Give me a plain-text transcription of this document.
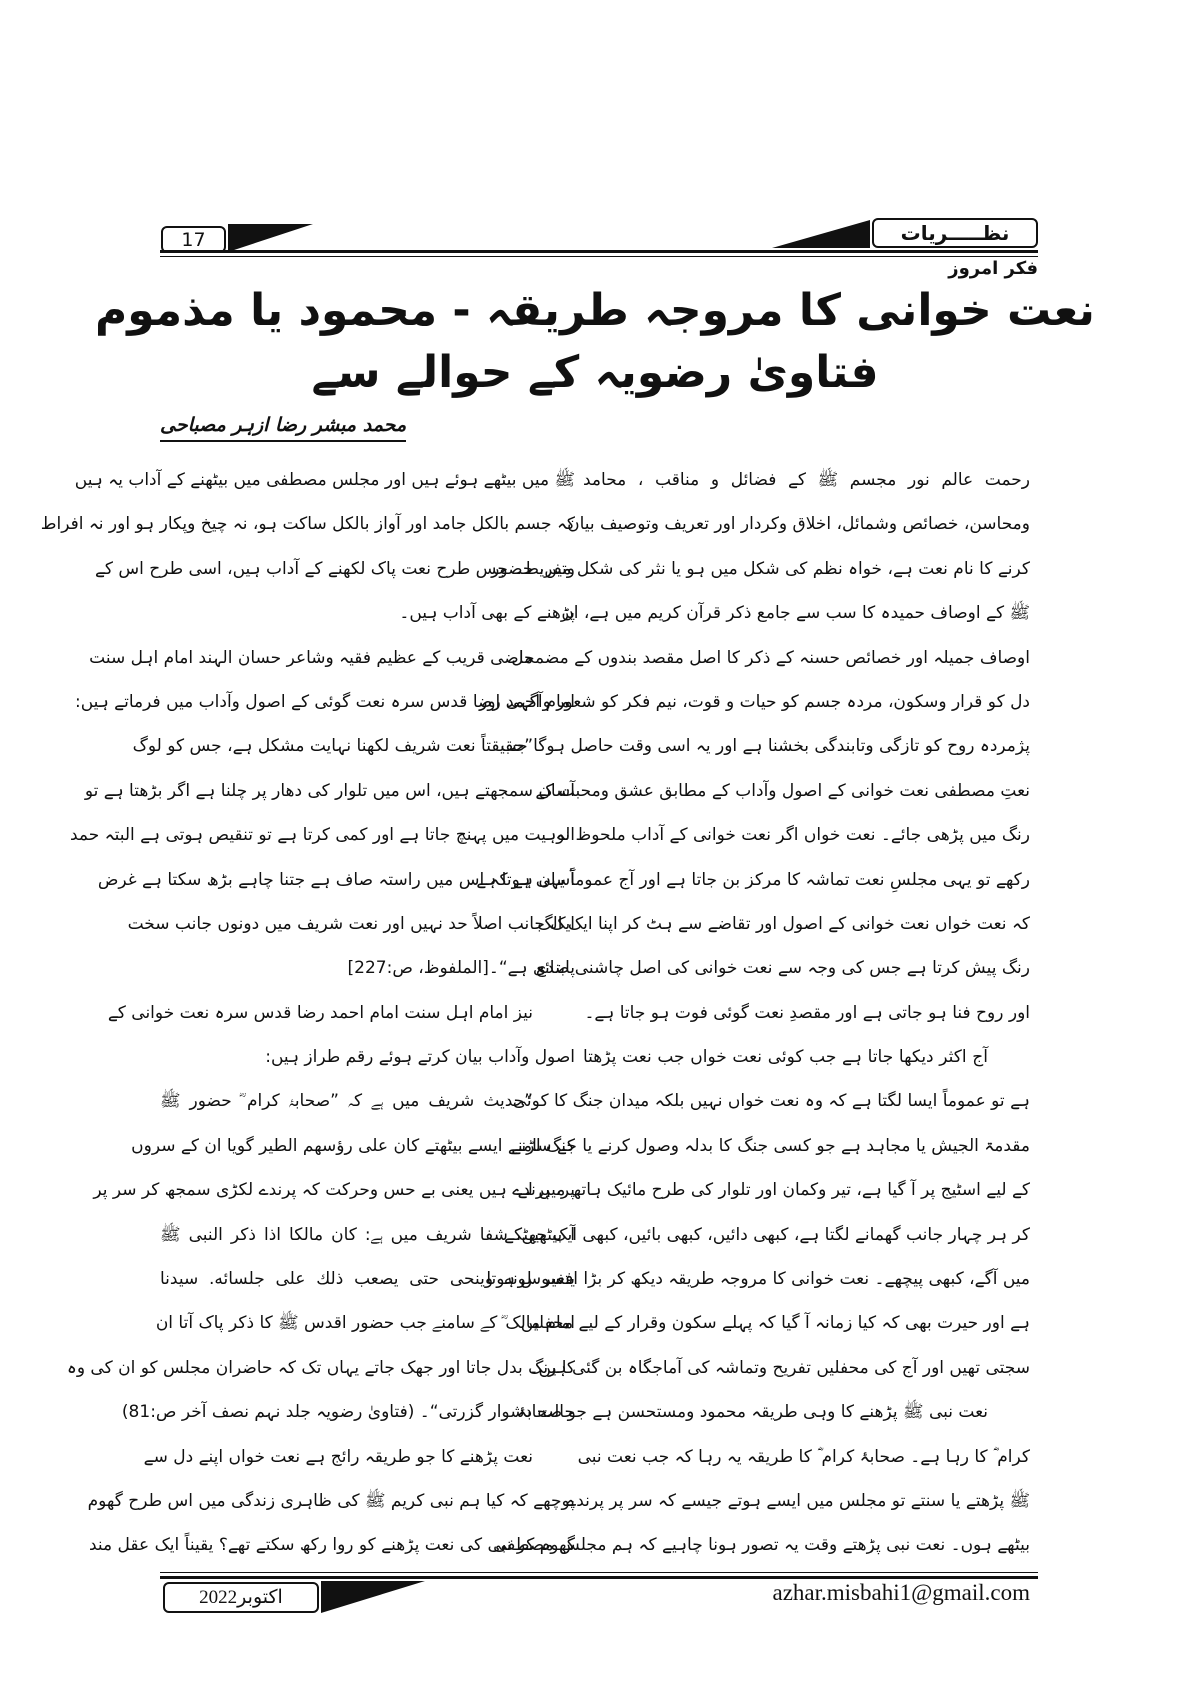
17	نظـــــریات
فکر امروز
نعت خوانی کا مروجہ طریقہ - محمود یا مذموم
فتاویٰ رضویہ کے حوالے سے
محمد مبشر رضا ازہر مصباحی
رحمت عالم نور مجسم ﷺ کے فضائل و مناقب ، محامد
ومحاسن، خصائص وشمائل، اخلاق وکردار اور تعریف وتوصیف بیان
کرنے کا نام نعت ہے، خواہ نظم کی شکل میں ہو یا نثر کی شکل میں، حضور
ﷺ کے اوصاف حمیدہ کا سب سے جامع ذکر قرآن کریم میں ہے، ان
اوصاف جمیلہ اور خصائص حسنہ کے ذکر کا اصل مقصد بندوں کے مضمحل
دل کو قرار وسکون، مردہ جسم کو حیات و قوت، نیم فکر کو شعور وآگہی اور
پژمردہ روح کو تازگی وتابندگی بخشنا ہے اور یہ اسی وقت حاصل ہوگا جب
نعتِ مصطفی نعت خوانی کے اصول وآداب کے مطابق عشق ومحبت کے
رنگ میں پڑھی جائے۔ نعت خواں اگر نعت خوانی کے آداب ملحوظ نہ
رکھے تو یہی مجلسِ نعت تماشہ کا مرکز بن جاتا ہے اور آج عموماً یہی ہوتا ہے
کہ نعت خواں نعت خوانی کے اصول اور تقاضے سے ہٹ کر اپنا ایک الگ
رنگ پیش کرتا ہے جس کی وجہ سے نعت خوانی کی اصل چاشنی ضائع
اور روح فنا ہو جاتی ہے اور مقصدِ نعت گوئی فوت ہو جاتا ہے۔
آج اکثر دیکھا جاتا ہے جب کوئی نعت خواں جب نعت پڑھتا
ہے تو عموماً ایسا لگتا ہے کہ وہ نعت خواں نہیں بلکہ میدان جنگ کا کوئی
مقدمۃ الجیش یا مجاہد ہے جو کسی جنگ کا بدلہ وصول کرنے یا جنگ لڑنے
کے لیے اسٹیج پر آ گیا ہے، تیر وکمان اور تلوار کی طرح مائیک ہاتھ میں لے
کر ہر چہار جانب گھمانے لگتا ہے، کبھی دائیں، کبھی بائیں، کبھی ایک جھٹکے
میں آگے، کبھی پیچھے۔ نعت خوانی کا مروجہ طریقہ دیکھ کر بڑا افسوس ہوتا
ہے اور حیرت بھی کہ کیا زمانہ آ گیا کہ پہلے سکون وقرار کے لیے محفلیں
سجتی تھیں اور آج کی محفلیں تفریح وتماشہ کی آماجگاہ بن گئی ہیں۔
نعت نبی ﷺ پڑھنے کا وہی طریقہ محمود ومستحسن ہے جو صحابۂ
کرام ؓ کا رہا ہے۔ صحابۂ کرام ؓ کا طریقہ یہ رہا کہ جب نعت نبی
ﷺ پڑھتے یا سنتے تو مجلس میں ایسے ہوتے جیسے کہ سر پر پرندے
بیٹھے ہوں۔ نعت نبی پڑھتے وقت یہ تصور ہونا چاہیے کہ ہم مجلس مصطفی
ﷺ میں بیٹھے ہوئے ہیں اور مجلس مصطفی میں بیٹھنے کے آداب یہ ہیں
کہ جسم بالکل جامد اور آواز بالکل ساکت ہو، نہ چیخ وپکار ہو اور نہ افراط
وتفریط۔ جس طرح نعت پاک لکھنے کے آداب ہیں، اسی طرح اس کے
پڑھنے کے بھی آداب ہیں۔
ماضی قریب کے عظیم فقیہ وشاعر حسان الہند امام اہل سنت
امام احمد رضا قدس سرہ نعت گوئی کے اصول وآداب میں فرماتے ہیں:
”حقیقتاً نعت شریف لکھنا نہایت مشکل ہے، جس کو لوگ
آسان سمجھتے ہیں، اس میں تلوار کی دھار پر چلنا ہے اگر بڑھتا ہے تو
الوہیت میں پہنچ جاتا ہے اور کمی کرتا ہے تو تنقیص ہوتی ہے البتہ حمد
آسان ہے کہ اس میں راستہ صاف ہے جتنا چاہے بڑھ سکتا ہے غرض
ایک جانب اصلاً حد نہیں اور نعت شریف میں دونوں جانب سخت
پابندی ہے“۔[الملفوظ، ص:227]
نیز امام اہل سنت امام احمد رضا قدس سرہ نعت خوانی کے
اصول وآداب بیان کرتے ہوئے رقم طراز ہیں:
”حدیث شریف میں ہے کہ ”صحابۂ کرام ؓ حضور ﷺ
کے سامنے ایسے بیٹھتے کان علی رؤسھم الطیر گویا ان کے سروں
پر، پرندے ہیں یعنی بے حس وحرکت کہ پرندے لکڑی سمجھ کر سر پر
آ بیٹھیں، شفا شریف میں ہے: کان مالکا اذا ذکر النبی ﷺ
یتغیر لونه وینحی حتی یصعب ذلك علی جلسائه. سیدنا
امام مالک ؓ کے سامنے جب حضور اقدس ﷺ کا ذکر پاک آتا ان
کا رنگ بدل جاتا اور جھک جاتے یہاں تک کہ حاضران مجلس کو ان کی وہ
حالت دشوار گزرتی“۔ (فتاویٰ رضویہ جلد نہم نصف آخر ص:81)
نعت پڑھنے کا جو طریقہ رائج ہے نعت خواں اپنے دل سے
پوچھے کہ کیا ہم نبی کریم ﷺ کی ظاہری زندگی میں اس طرح گھوم
گھوم کر نبی کی نعت پڑھنے کو روا رکھ سکتے تھے؟ یقیناً ایک عقل مند
اکتوبر2022	azhar.misbahi1@gmail.com
